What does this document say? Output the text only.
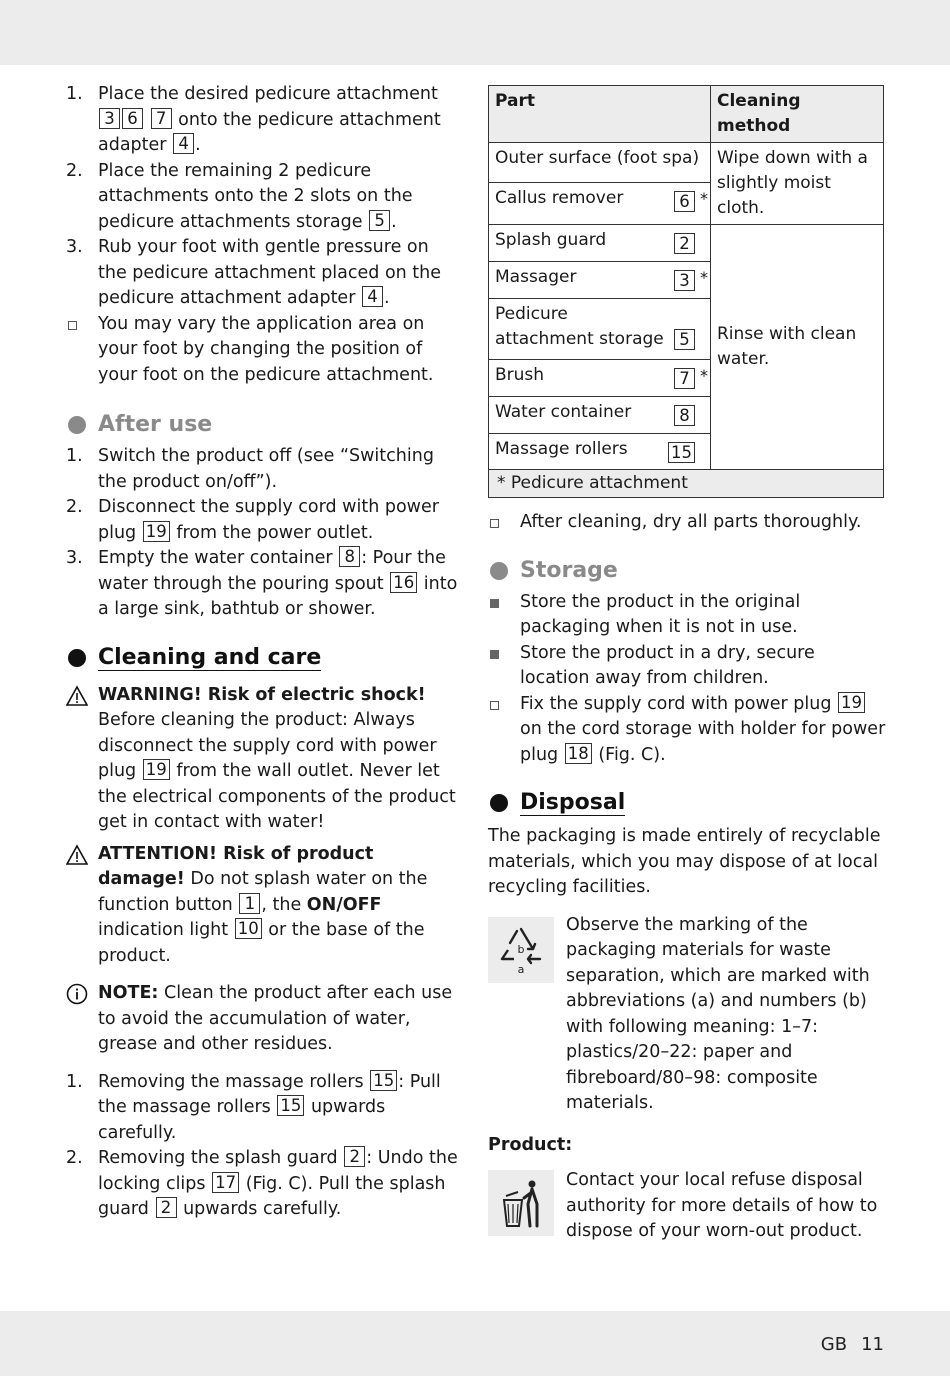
1. Place the desired pedicure attachment 3 6 7 onto the pedicure attachment adapter 4 .
2. Place the remaining 2 pedicure attachments onto the 2 slots on the pedicure attachments storage 5 .
3. Rub your foot with gentle pressure on the pedicure attachment placed on the pedicure attachment adapter 4 .
You may vary the application area on your foot by changing the position of your foot on the pedicure attachment.
After use
1. Switch the product off (see “Switching the product on/off”).
2. Disconnect the supply cord with power plug 19 from the power outlet.
3. Empty the water container 8 : Pour the water through the pouring spout 16 into a large sink, bathtub or shower.
Cleaning and care
WARNING! Risk of electric shock!
Before cleaning the product: Always disconnect the supply cord with power plug 19 from the wall outlet. Never let the electrical components of the product get in contact with water!
ATTENTION! Risk of product damage! Do not splash water on the function button 1 , the ON/OFF indication light 10 or the base of the product.
NOTE: Clean the product after each use to avoid the accumulation of water, grease and other residues.
1. Removing the massage rollers 15 : Pull the massage rollers 15 upwards carefully.
2. Removing the splash guard 2 : Undo the locking clips 17 (Fig. C). Pull the splash guard 2 upwards carefully.
Part	Cleaning method
Outer surface (foot spa)	Wipe down with a slightly moist cloth.
Callus remover 6 *	

Splash guard 2	Rinse with clean water.
Massager 3 *	

Pedicure attachment storage 5	

Brush 7 *	

Water container 8	

Massage rollers 15	

* Pedicure attachment	
After cleaning, dry all parts thoroughly.
Storage
Store the product in the original packaging when it is not in use.
Store the product in a dry, secure location away from children.
Fix the supply cord with power plug 19 on the cord storage with holder for power plug 18 (Fig. C).
Disposal

The packaging is made entirely of recyclable materials, which you may dispose of at local recycling facilities.

b
a
Observe the marking of the packaging materials for waste separation, which are marked with abbreviations (a) and numbers (b) with following meaning: 1–7: plastics/20–22: paper and fibreboard/80–98: composite materials.

Product:

Contact your local refuse disposal authority for more details of how to dispose of your worn-out product.
GB 11
